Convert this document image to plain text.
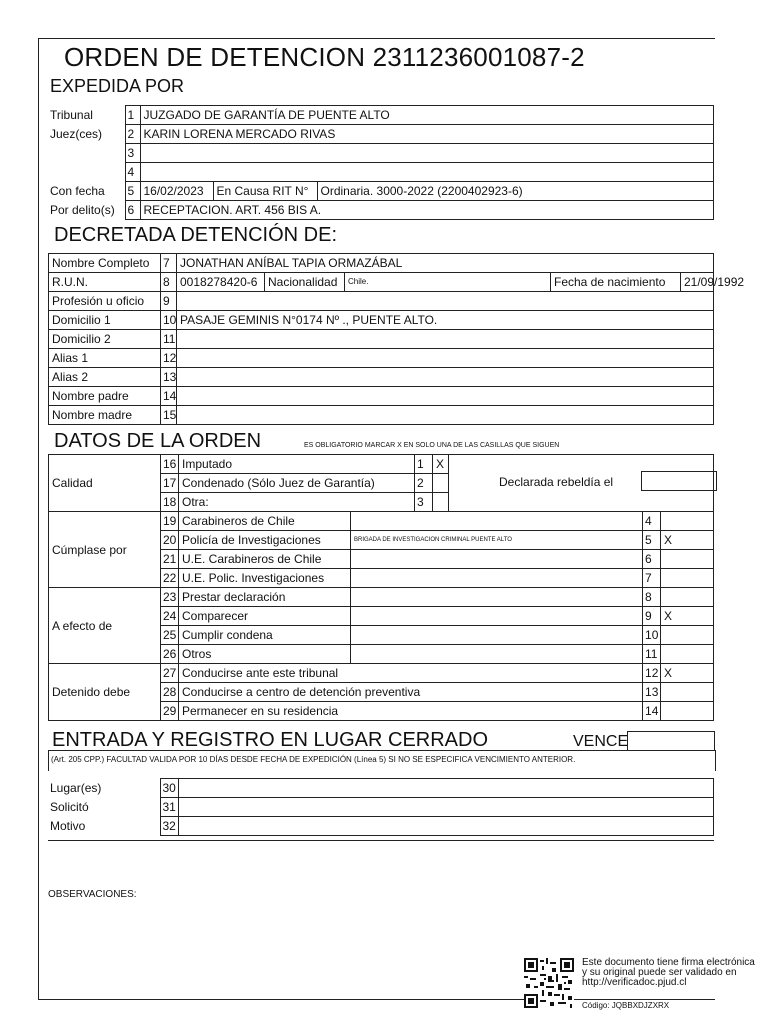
ORDEN DE DETENCION 2311236001087-2
EXPEDIDA POR
Tribunal	1	JUZGADO DE GARANTÍA DE PUENTE ALTO		
Juez(ces)	2	KARIN LORENA MERCADO RIVAS		
	3			
	4			
Con fecha	5	16/02/2023	En Causa RIT N°	Ordinaria. 3000-2022 (2200402923-6)
Por delito(s)	6	RECEPTACION. ART. 456 BIS A.		
DECRETADA DETENCIÓN DE:
Nombre Completo	7	JONATHAN ANÍBAL TAPIA ORMAZÁBAL				
R.U.N.	8	0018278420-6	Nacionalidad	Chile.	Fecha de nacimiento	21/09/1992
Profesión u oficio	9					
Domicilio 1	10	PASAJE GEMINIS N°0174 Nº ., PUENTE ALTO.				
Domicilio 2	11					
Alias 1	12					
Alias 2	13					
Nombre padre	14					
Nombre madre	15					
DATOS DE LA ORDEN	ES OBLIGATORIO MARCAR X EN SOLO UNA DE LAS CASILLAS QUE SIGUEN
Calidad	16	Imputado		1	X	Declarada rebeldía el		

	17	Condenado (Sólo Juez de Garantía)		2				
	18	Otra:		3				
Cúmplase por	19	Carabineros de Chile					4	
	20	Policía de Investigaciones	BRIGADA DE INVESTIGACION CRIMINAL PUENTE ALTO				5	X
	21	U.E. Carabineros de Chile					6	
	22	U.E. Polic. Investigaciones					7	
A efecto de	23	Prestar declaración					8	
	24	Comparecer					9	X
	25	Cumplir condena					10	
	26	Otros					11	
Detenido debe	27	Conducirse ante este tribunal					12	X
	28	Conducirse a centro de detención preventiva					13	
	29	Permanecer en su residencia					14	
ENTRADA Y REGISTRO EN LUGAR CERRADO	VENCE
(Art. 205 CPP.) FACULTAD VALIDA POR 10 DÍAS DESDE FECHA DE EXPEDICIÓN (Línea 5) SI NO SE ESPECIFICA VENCIMIENTO ANTERIOR.
Lugar(es)	30	
Solicitó	31	
Motivo	32	
OBSERVACIONES:
Este documento tiene firma electrónica y su original puede ser validado en http://verificadoc.pjud.cl
Código: JQBBXDJZXRX
